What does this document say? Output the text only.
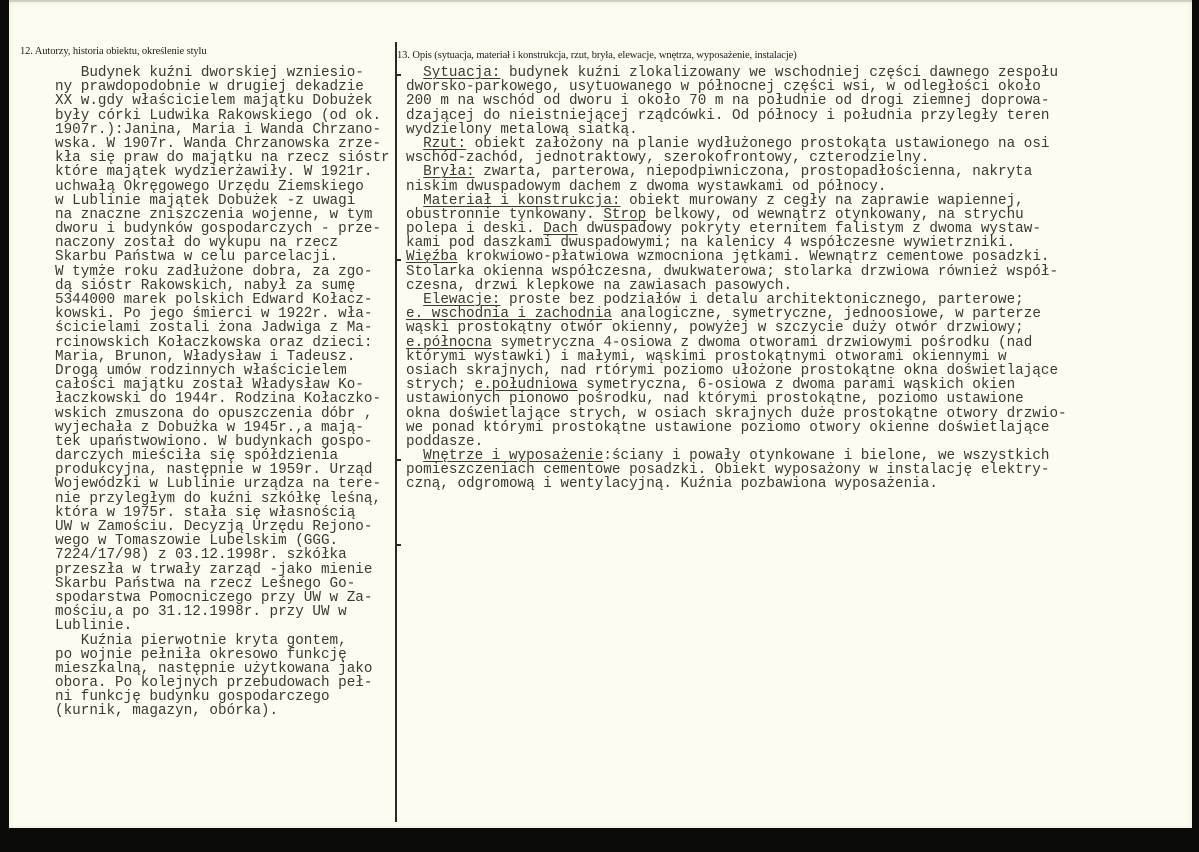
12. Autorzy, historia obiektu, określenie stylu	13. Opis (sytuacja, materiał i konstrukcja, rzut, bryła, elewacje, wnętrza, wyposażenie, instalacje)
Budynek kuźni dworskiej wzniesio-
ny prawdopodobnie w drugiej dekadzie
XX w.gdy właścicielem majątku Dobużek
były córki Ludwika Rakowskiego (od ok.
1907r.):Janina, Maria i Wanda Chrzano-
wska. W 1907r. Wanda Chrzanowska zrze-
kła się praw do majątku na rzecz sióstr
które majątek wydzierżawiły. W 1921r.
uchwałą Okręgowego Urzędu Ziemskiego
w Lublinie majątek Dobużek -z uwagi
na znaczne zniszczenia wojenne, w tym
dworu i budynków gospodarczych - prze-
naczony został do wykupu na rzecz
Skarbu Państwa w celu parcelacji.
W tymże roku zadłużone dobra, za zgo-
dą sióstr Rakowskich, nabył za sumę
5344000 marek polskich Edward Kołacz-
kowski. Po jego śmierci w 1922r. wła-
ścicielami zostali żona Jadwiga z Ma-
rcinowskich Kołaczkowska oraz dzieci:
Maria, Brunon, Władysław i Tadeusz.
Drogą umów rodzinnych właścicielem
całości majątku został Władysław Ko-
łaczkowski do 1944r. Rodzina Kołaczko-
wskich zmuszona do opuszczenia dóbr ,
wyjechała z Dobużka w 1945r.,a mają-
tek upaństwowiono. W budynkach gospo-
darczych mieściła się spółdzienia
produkcyjna, następnie w 1959r. Urząd
Wojewódzki w Lublinie urządza na tere-
nie przyległym do kuźni szkółkę leśną,
która w 1975r. stała się własnością
UW w Zamościu. Decyzją Urzędu Rejono-
wego w Tomaszowie Lubelskim (GGG.
7224/17/98) z 03.12.1998r. szkółka
przeszła w trwały zarząd -jako mienie
Skarbu Państwa na rzecz Leśnego Go-
spodarstwa Pomocniczego przy UW w Za-
mościu,a po 31.12.1998r. przy UW w
Lublinie.
Kuźnia pierwotnie kryta gontem,
po wojnie pełniła okresowo funkcję
mieszkalną, następnie użytkowana jako
obora. Po kolejnych przebudowach peł-
ni funkcję budynku gospodarczego
(kurnik, magazyn, obórka).
Sytuacja: budynek kuźni zlokalizowany we wschodniej części dawnego zespołu
dworsko-parkowego, usytuowanego w północnej części wsi, w odległości około
200 m na wschód od dworu i około 70 m na południe od drogi ziemnej doprowa-
dzającej do nieistniejącej rządcówki. Od północy i południa przyległy teren
wydzielony metalową siatką.
Rzut: obiekt założony na planie wydłużonego prostokąta ustawionego na osi
wschód-zachód, jednotraktowy, szerokofrontowy, czterodzielny.
Bryła: zwarta, parterowa, niepodpiwniczona, prostopadłościenna, nakryta
niskim dwuspadowym dachem z dwoma wystawkami od północy.
Materiał i konstrukcja: obiekt murowany z cegły na zaprawie wapiennej,
obustronnie tynkowany. Strop belkowy, od wewnątrz otynkowany, na strychu
polepa i deski. Dach dwuspadowy pokryty eternitem falistym z dwoma wystaw-
kami pod daszkami dwuspadowymi; na kalenicy 4 współczesne wywietrzniki.
Więźba krokwiowo-płatwiowa wzmocniona jętkami. Wewnątrz cementowe posadzki.
Stolarka okienna współczesna, dwukwaterowa; stolarka drzwiowa również współ-
czesna, drzwi klepkowe na zawiasach pasowych.
Elewacje: proste bez podziałów i detalu architektonicznego, parterowe;
e. wschodnia i zachodnia analogiczne, symetryczne, jednoosiowe, w parterze
wąski prostokątny otwór okienny, powyżej w szczycie duży otwór drzwiowy;
e.północna symetryczna 4-osiowa z dwoma otworami drzwiowymi pośrodku (nad
którymi wystawki) i małymi, wąskimi prostokątnymi otworami okiennymi w
osiach skrajnych, nad rtórymi poziomo ułożone prostokątne okna doświetlające
strych; e.południowa symetryczna, 6-osiowa z dwoma parami wąskich okien
ustawionych pionowo pośrodku, nad którymi prostokątne, poziomo ustawione
okna doświetlające strych, w osiach skrajnych duże prostokątne otwory drzwio-
we ponad którymi prostokątne ustawione poziomo otwory okienne doświetlające
poddasze.
Wnętrze i wyposażenie:ściany i powały otynkowane i bielone, we wszystkich
pomieszczeniach cementowe posadzki. Obiekt wyposażony w instalację elektry-
czną, odgromową i wentylacyjną. Kuźnia pozbawiona wyposażenia.
